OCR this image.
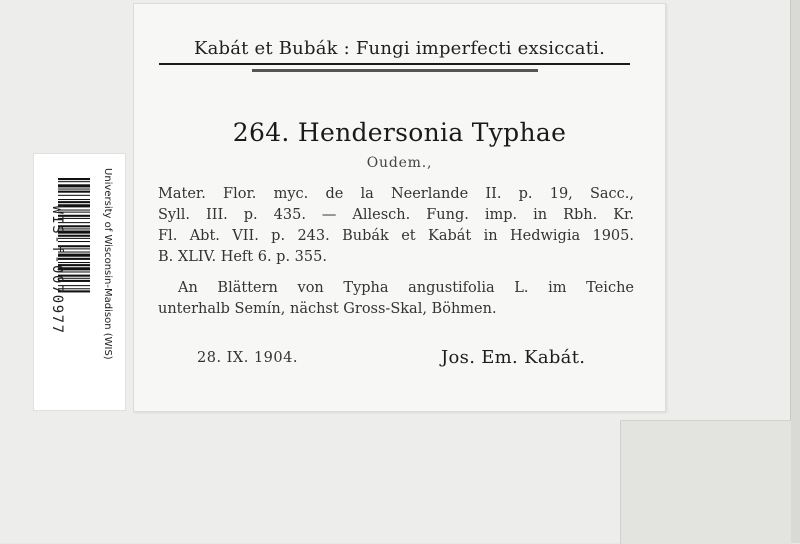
Kabát et Bubák : Fungi imperfecti exsiccati.
264. Hendersonia Typhae
Oudem.,
Mater. Flor. myc. de la Neerlande II. p. 19, Sacc.,
Syll. III. p. 435. — Allesch. Fung. imp. in Rbh. Kr.
Fl. Abt. VII. p. 243. Bubák et Kabát in Hedwigia 1905.
B. XLIV. Heft 6. p. 355.
An Blättern von Typha angustifolia L. im Teiche
unterhalb Semín, nächst Gross-Skal, Böhmen.
28. IX. 1904.	Jos. Em. Kabát.
WIS-f-0070977	University of Wisconsin-Madison (WIS)
